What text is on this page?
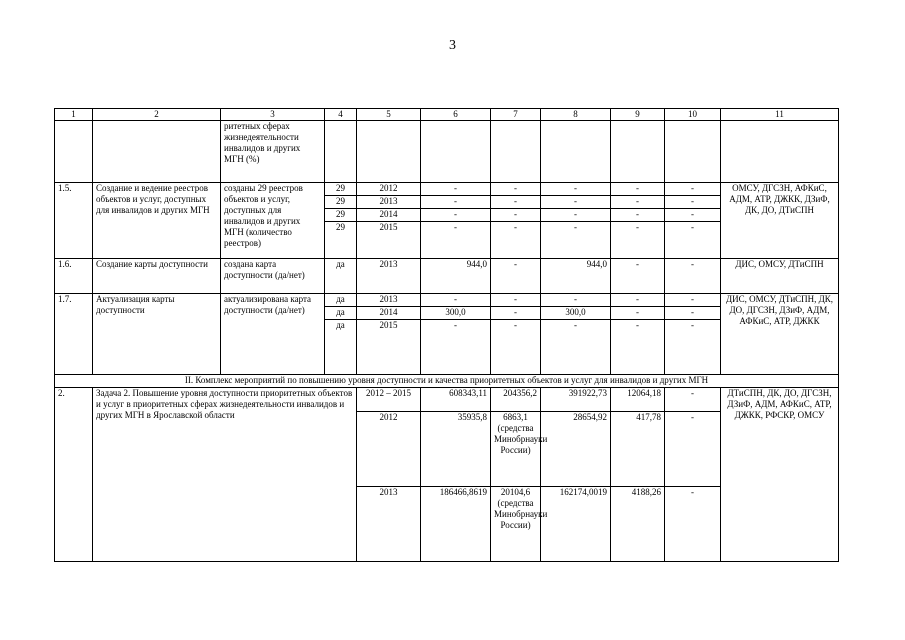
3
1	2	3	4	5	6	7	8	9	10	11
		ритетных сферах жизнедеятельности инвалидов и других МГН (%)								
1.5.	Создание и ведение реестров объектов и услуг, доступных для инвалидов и других МГН	созданы 29 реестров объектов и услуг, доступных для инвалидов и других МГН (количество реестров)	29	2012	-	-	-	-	-	ОМСУ, ДГСЗН, АФКиС, АДМ, АТР, ДЖКК, ДЗиФ, ДК, ДО, ДТиСПН
			29	2013	-	-	-	-	-	
			29	2014	-	-	-	-	-	
			29	2015	-	-	-	-	-	
1.6.	Создание карты доступности	создана карта доступности (да/нет)	да	2013	944,0	-	944,0	-	-	ДИС, ОМСУ, ДТиСПН
1.7.	Актуализация карты доступности	актуализирована карта доступности (да/нет)	да	2013	-	-	-	-	-	ДИС, ОМСУ, ДТиСПН, ДК, ДО, ДГСЗН, ДЗиФ, АДМ, АФКиС, АТР, ДЖКК
			да	2014	300,0	-	300,0	-	-	
			да	2015	-	-	-	-	-	
II. Комплекс мероприятий по повышению уровня доступности и качества приоритетных объектов и услуг для инвалидов и других МГН										
2.	Задача 2. Повышение уровня доступности приоритетных объектов и услуг в приоритетных сферах жизнедеятельности инвалидов и других МГН в Ярославской области			2012 – 2015	608343,11	204356,2	391922,73	12064,18	-	ДТиСПН, ДК, ДО, ДГСЗН, ДЗиФ, АДМ, АФКиС, АТР, ДЖКК, РФСКР, ОМСУ
				2012	35935,8	6863,1 (средства Минобрнауки России)	28654,92	417,78	-	
				2013	186466,8619	20104,6 (средства Минобрнауки России)	162174,0019	4188,26	-	
